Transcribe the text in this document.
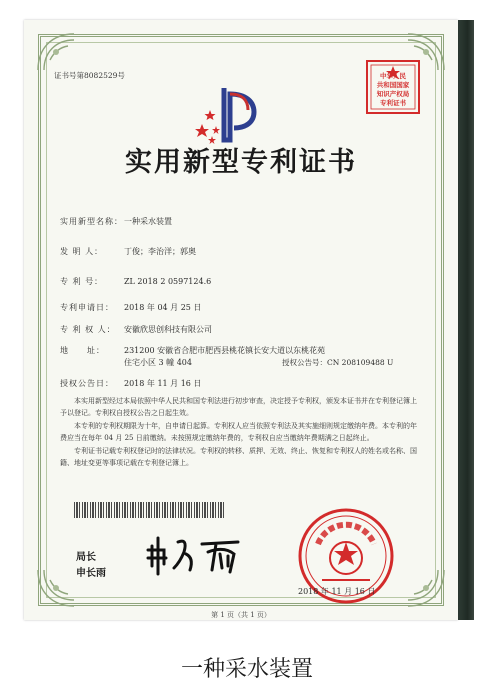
证书号第8082529号	中华人民
共和国国家
知识产权局
专利证书
实用新型专利证书
实用新型名称：一种采水装置
发 明 人：	丁俊；李治洋；郭奥
专 利 号：	ZL 2018 2 0597124.6
专利申请日： 2018 年 04 月 25 日
专 利 权 人： 安徽欣思创科技有限公司
地　　址： 231200 安徽省合肥市肥西县桃花镇长安大道以东桃花苑
住宅小区 3 幢 404	授权公告号：CN 208109488 U
授权公告日： 2018 年 11 月 16 日

本实用新型经过本局依照中华人民共和国专利法进行初步审查，决定授予专利权，颁发本证书并在专利登记簿上予以登记。专利权自授权公告之日起生效。

本专利的专利权期限为十年，自申请日起算。专利权人应当依照专利法及其实施细则规定缴纳年费。本专利的年费应当在每年 04 月 25 日前缴纳。未按照规定缴纳年费的，专利权自应当缴纳年费期满之日起终止。

专利证书记载专利权登记时的法律状况。专利权的转移、质押、无效、终止、恢复和专利权人的姓名或名称、国籍、地址变更等事项记载在专利登记簿上。

局长
申长雨
2018 年 11 月 16 日
第 1 页（共 1 页）
一种采水装置
